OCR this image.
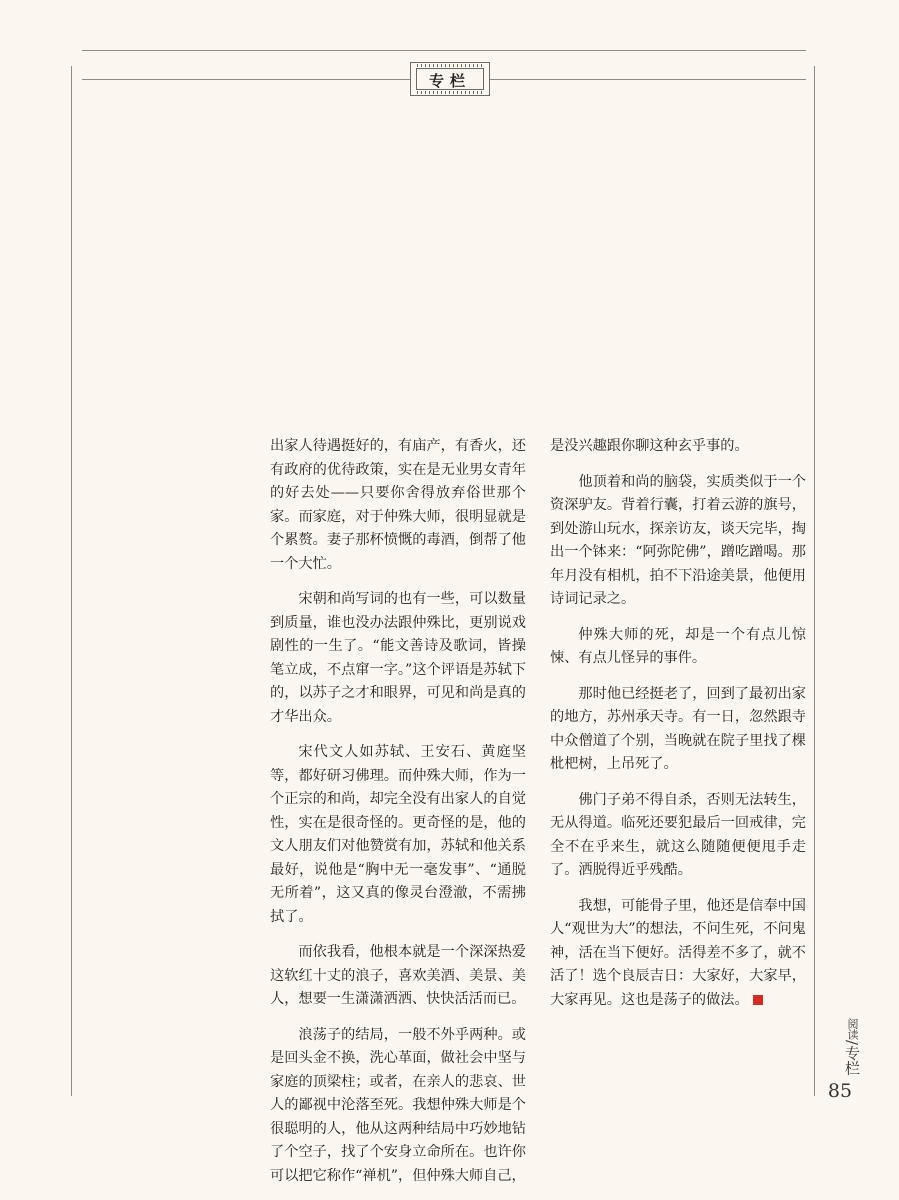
专栏

出家人待遇挺好的，有庙产，有香火，还有政府的优待政策，实在是无业男女青年的好去处——只要你舍得放弃俗世那个家。而家庭，对于仲殊大师，很明显就是个累赘。妻子那杯愤慨的毒酒，倒帮了他一个大忙。

宋朝和尚写词的也有一些，可以数量到质量，谁也没办法跟仲殊比，更别说戏剧性的一生了。“能文善诗及歌词，皆操笔立成，不点窜一字。”这个评语是苏轼下的，以苏子之才和眼界，可见和尚是真的才华出众。

宋代文人如苏轼、王安石、黄庭坚等，都好研习佛理。而仲殊大师，作为一个正宗的和尚，却完全没有出家人的自觉性，实在是很奇怪的。更奇怪的是，他的文人朋友们对他赞赏有加，苏轼和他关系最好，说他是“胸中无一毫发事”、“通脱无所着”，这又真的像灵台澄澈，不需拂拭了。

而依我看，他根本就是一个深深热爱这软红十丈的浪子，喜欢美酒、美景、美人，想要一生潇潇洒洒、快快活活而已。

浪荡子的结局，一般不外乎两种。或是回头金不换，洗心革面，做社会中坚与家庭的顶梁柱；或者，在亲人的悲哀、世人的鄙视中沦落至死。我想仲殊大师是个很聪明的人，他从这两种结局中巧妙地钻了个空子，找了个安身立命所在。也许你可以把它称作“禅机”，但仲殊大师自己，

是没兴趣跟你聊这种玄乎事的。

他顶着和尚的脑袋，实质类似于一个资深驴友。背着行囊，打着云游的旗号，到处游山玩水，探亲访友，谈天完毕，掏出一个钵来：“阿弥陀佛”，蹭吃蹭喝。那年月没有相机，拍不下沿途美景，他便用诗词记录之。

仲殊大师的死，却是一个有点儿惊悚、有点儿怪异的事件。

那时他已经挺老了，回到了最初出家的地方，苏州承天寺。有一日，忽然跟寺中众僧道了个别，当晚就在院子里找了棵枇杷树，上吊死了。

佛门子弟不得自杀，否则无法转生，无从得道。临死还要犯最后一回戒律，完全不在乎来生，就这么随随便便甩手走了。洒脱得近乎残酷。

我想，可能骨子里，他还是信奉中国人“观世为大”的想法，不问生死，不问鬼神，活在当下便好。活得差不多了，就不活了！选个良辰吉日：大家好，大家早，大家再见。这也是荡子的做法。

阅读/专栏
85
